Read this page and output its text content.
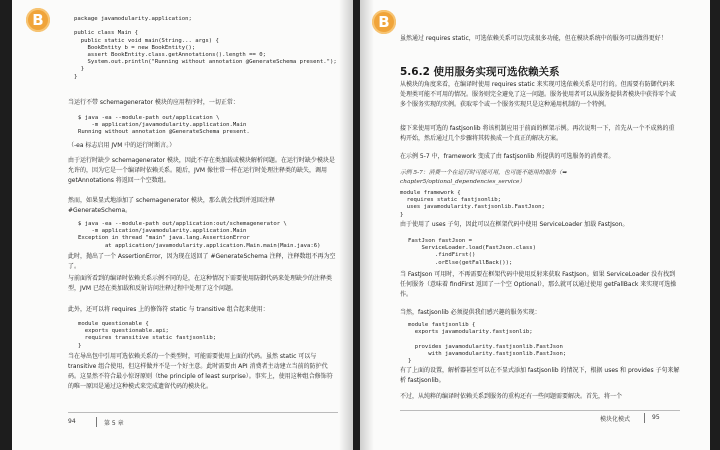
B	package javamodularity.application;

public class Main {
public static void main(String... args) {
BookEntity b = new BookEntity();
assert BookEntity.class.getAnnotations().length == 0;
System.out.println("Running without annotation @GenerateSchema present.");
}
}

当运行不带 schemagenerator 模块的应用程序时，一切正常：

$ java -ea --module-path out/application \
-m application/javamodularity.application.Main
Running without annotation @GenerateSchema present.

（-ea 标志启用 JVM 中的运行时断言。）

由于运行时缺少 schemagenerator 模块，因此不存在类加载或模块解析问题。在运行时缺少模块是允许的，因为它是一个编译时依赖关系。随后，JVM 像往常一样在运行时处理注释类的缺失，调用 getAnnotations 将返回一个空数组。

然而，如果显式地添加了 schemagenerator 模块，那么就会找到并返回注释 #GenerateSchema。

$ java -ea --module-path out/application:out/schemagenerator \
-m application/javamodularity.application.Main
Exception in thread "main" java.lang.AssertionError
at application/javamodularity.application.Main.main(Main.java:6)

此时，抛出了一个 AssertionError，因为现在返回了 #GenerateSchema 注释，注释数组不再为空了。

与前面所看到的编译时依赖关系示例不同的是，在这种情况下需要使用防御代码来处理缺少的注释类型，JVM 已经在类加载和反射访问注释过程中处理了这个问题。

此外，还可以将 requires 上的修饰符 static 与 transitive 组合起来使用：

module questionable {
exports questionable.api;
requires transitive static fastjsonlib;
}

当在导出包中引用可选依赖关系的一个类型时，可能需要使用上面的代码。虽然 static 可以与 transitive 组合使用，但这样做并不是一个好主意。此时需要由 API 消费者主动建立当前的防护代码。这显然不符合最小惊讶原则（the principle of least surprise）。事实上，使用这种组合修饰符的唯一原因是通过这种模式来完成遗留代码的模块化。

94	第 5 章
B

虽然通过 requires static，可选依赖关系可以完成很多功能，但在模块系统中的服务可以做得更好！

5.6.2 使用服务实现可选依赖关系

从模块的角度来看，在编译时使用 requires static 来实现可选依赖关系是可行的。但需要有防御代码来处理类可能不可用的情况。服务则完全避免了这一问题。服务使用者可以从服务提供者模块中获得零个或多个服务实现的实例。获取零个或一个服务实现只是这种通用机制的一个特例。

接下来使用可选的 fastjsonlib 将该机制应用于前面的框架示例。再次说明一下，首先从一个不成熟的重构开始，然后通过几个步骤将其转换成一个真正的解决方案。

在示例 5-7 中，framework 变成了由 fastjsonlib 所提供的可选服务的消费者。

示例 5-7：消费一个在运行时可能可用，也可能不能用的服务（➥ chapter5/optional_dependencies_service）

module framework {
requires static fastjsonlib;
uses javamodularity.fastjsonlib.FastJson;
}

由于使用了 uses 子句，因此可以在框架代码中使用 ServiceLoader 加载 FastJson。

FastJson fastJson =
ServiceLoader.load(FastJson.class)
.findFirst()
.orElse(getFallBack());

当 FastJson 可用时，不再需要在框架代码中使用反射来获取 FastJson。如果 ServiceLoader 没有找到任何服务（意味着 findFirst 返回了一个空 Optional），那么就可以通过使用 getFallBack 来实现可选操作。

当然，fastjsonlib 必须提供我们感兴趣的服务实现：

module fastjsonlib {
exports javamodularity.fastjsonlib;

provides javamodularity.fastjsonlib.FastJson
with javamodularity.fastjsonlib.FastJson;
}

有了上面的设置，解析器甚至可以在不显式添加 fastjsonlib 的情况下，根据 uses 和 provides 子句来解析 fastjsonlib。

不过，从纯粹的编译时依赖关系到服务的重构还有一些问题需要解决。首先，将一个

模块化模式	95
